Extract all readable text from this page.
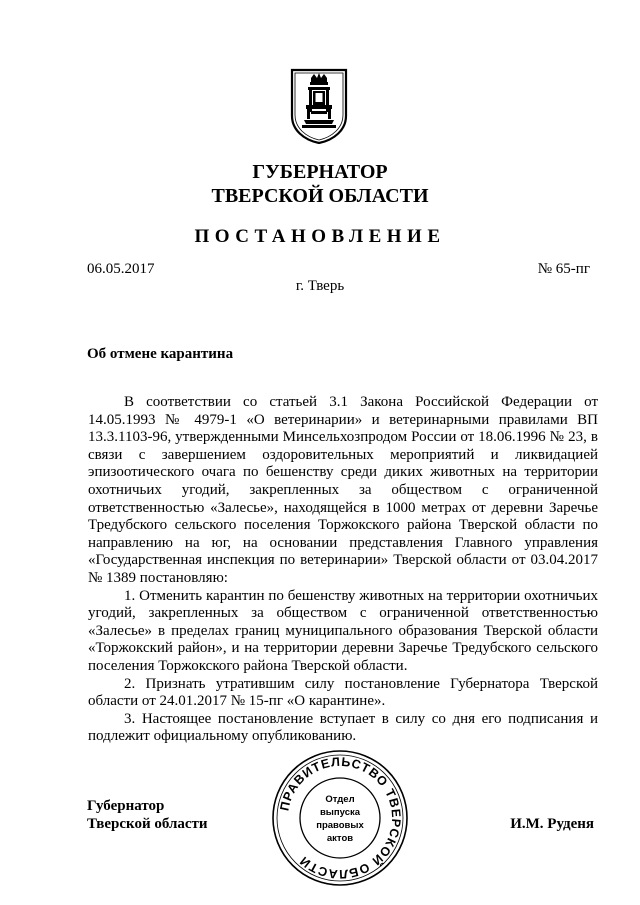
ГУБЕРНАТОР
ТВЕРСКОЙ ОБЛАСТИ
ПОСТАНОВЛЕНИЕ
06.05.2017	№ 65-пг
г. Тверь
Об отмене карантина

В соответствии со статьей 3.1 Закона Российской Федерации от 14.05.1993 № 4979-1 «О ветеринарии» и ветеринарными правилами ВП 13.3.1103-96, утвержденными Минсельхозпродом России от 18.06.1996 № 23, в связи с завершением оздоровительных мероприятий и ликвидацией эпизоотического очага по бешенству среди диких животных на территории охотничьих угодий, закрепленных за обществом с ограниченной ответственностью «Залесье», находящейся в 1000 метрах от деревни Заречье Тредубского сельского поселения Торжокского района Тверской области по направлению на юг, на основании представления Главного управления «Государственная инспекция по ветеринарии» Тверской области от 03.04.2017 № 1389 постановляю:

1. Отменить карантин по бешенству животных на территории охотничьих угодий, закрепленных за обществом с ограниченной ответственностью «Залесье» в пределах границ муниципального образования Тверской области «Торжокский район», и на территории деревни Заречье Тредубского сельского поселения Торжокского района Тверской области.

2. Признать утратившим силу постановление Губернатора Тверской области от 24.01.2017 № 15-пг «О карантине».

3. Настоящее постановление вступает в силу со дня его подписания и подлежит официальному опубликованию.

Губернатор
Тверской области	И.М. Руденя
ПРАВИТЕЛЬСТВО ТВЕРСКОЙ ОБЛАСТИ
Отдел
выпуска
правовых
актов
